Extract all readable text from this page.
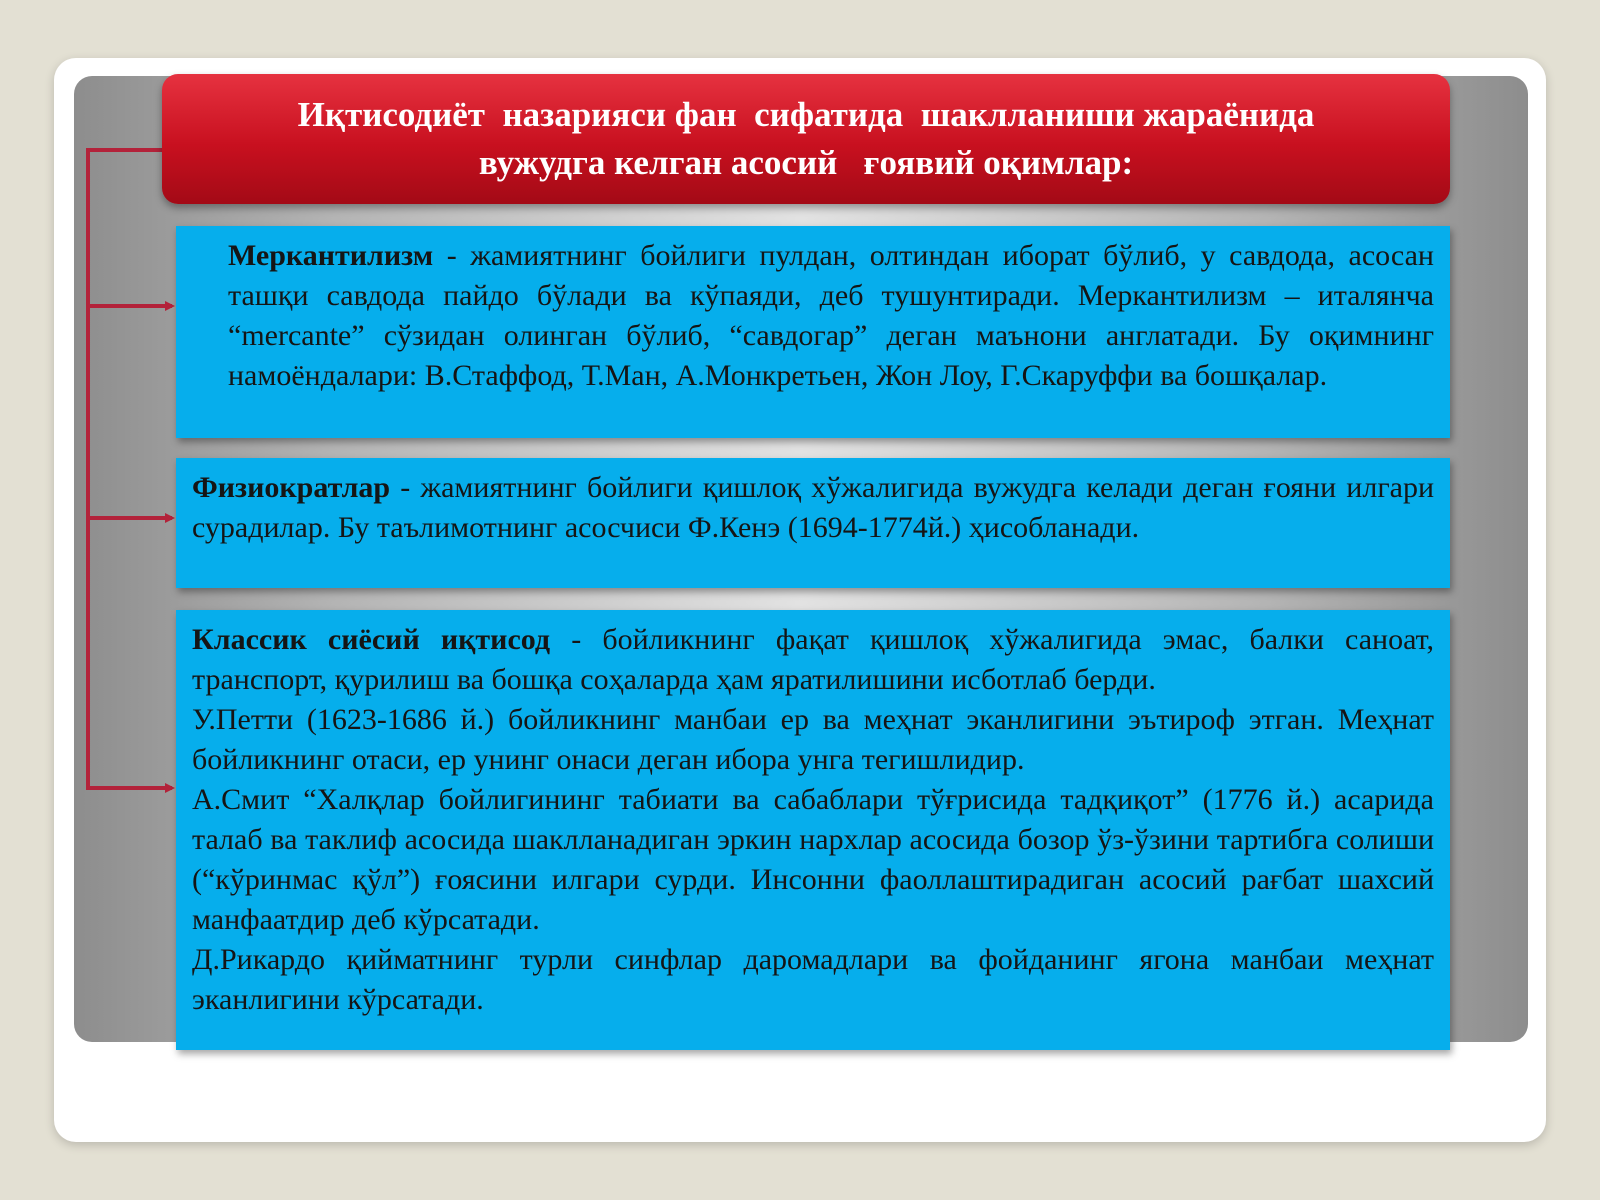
Иқтисодиёт  назарияси фан  сифатида  шаклланиши жараёнида
вужудга келган асосий   ғоявий оқимлар:

Меркантилизм - жамиятнинг бойлиги пулдан, олтиндан иборат бўлиб, у савдода, асосан ташқи савдода пайдо бўлади ва кўпаяди, деб тушунтиради. Меркантилизм – италянча “mercante” сўзидан олинган бўлиб, “савдогар” деган маънони англатади. Бу оқимнинг намоёндалари: В.Стаффод, Т.Ман, А.Монкретьен, Жон Лоу, Г.Скаруффи ва бошқалар.

Физиократлар - жамиятнинг бойлиги қишлоқ хўжалигида вужудга келади деган ғояни илгари сурадилар. Бу таълимотнинг асосчиси Ф.Кенэ (1694-1774й.) ҳисобланади.

Классик сиёсий иқтисод - бойликнинг фақат қишлоқ хўжалигида эмас, балки саноат, транспорт, қурилиш ва бошқа соҳаларда ҳам яратилишини исботлаб берди.

У.Петти (1623-1686 й.) бойликнинг манбаи ер ва меҳнат эканлигини эътироф этган. Меҳнат бойликнинг отаси, ер унинг онаси деган ибора унга тегишлидир.

А.Смит “Халқлар бойлигининг табиати ва сабаблари тўғрисида тадқиқот” (1776 й.) асарида талаб ва таклиф асосида шаклланадиган эркин нархлар асосида бозор ўз-ўзини тартибга солиши (“кўринмас қўл”) ғоясини илгари сурди. Инсонни фаоллаштирадиган асосий рағбат шахсий манфаатдир деб кўрсатади.

Д.Рикардо қийматнинг турли синфлар даромадлари ва фойданинг ягона манбаи меҳнат эканлигини кўрсатади.
